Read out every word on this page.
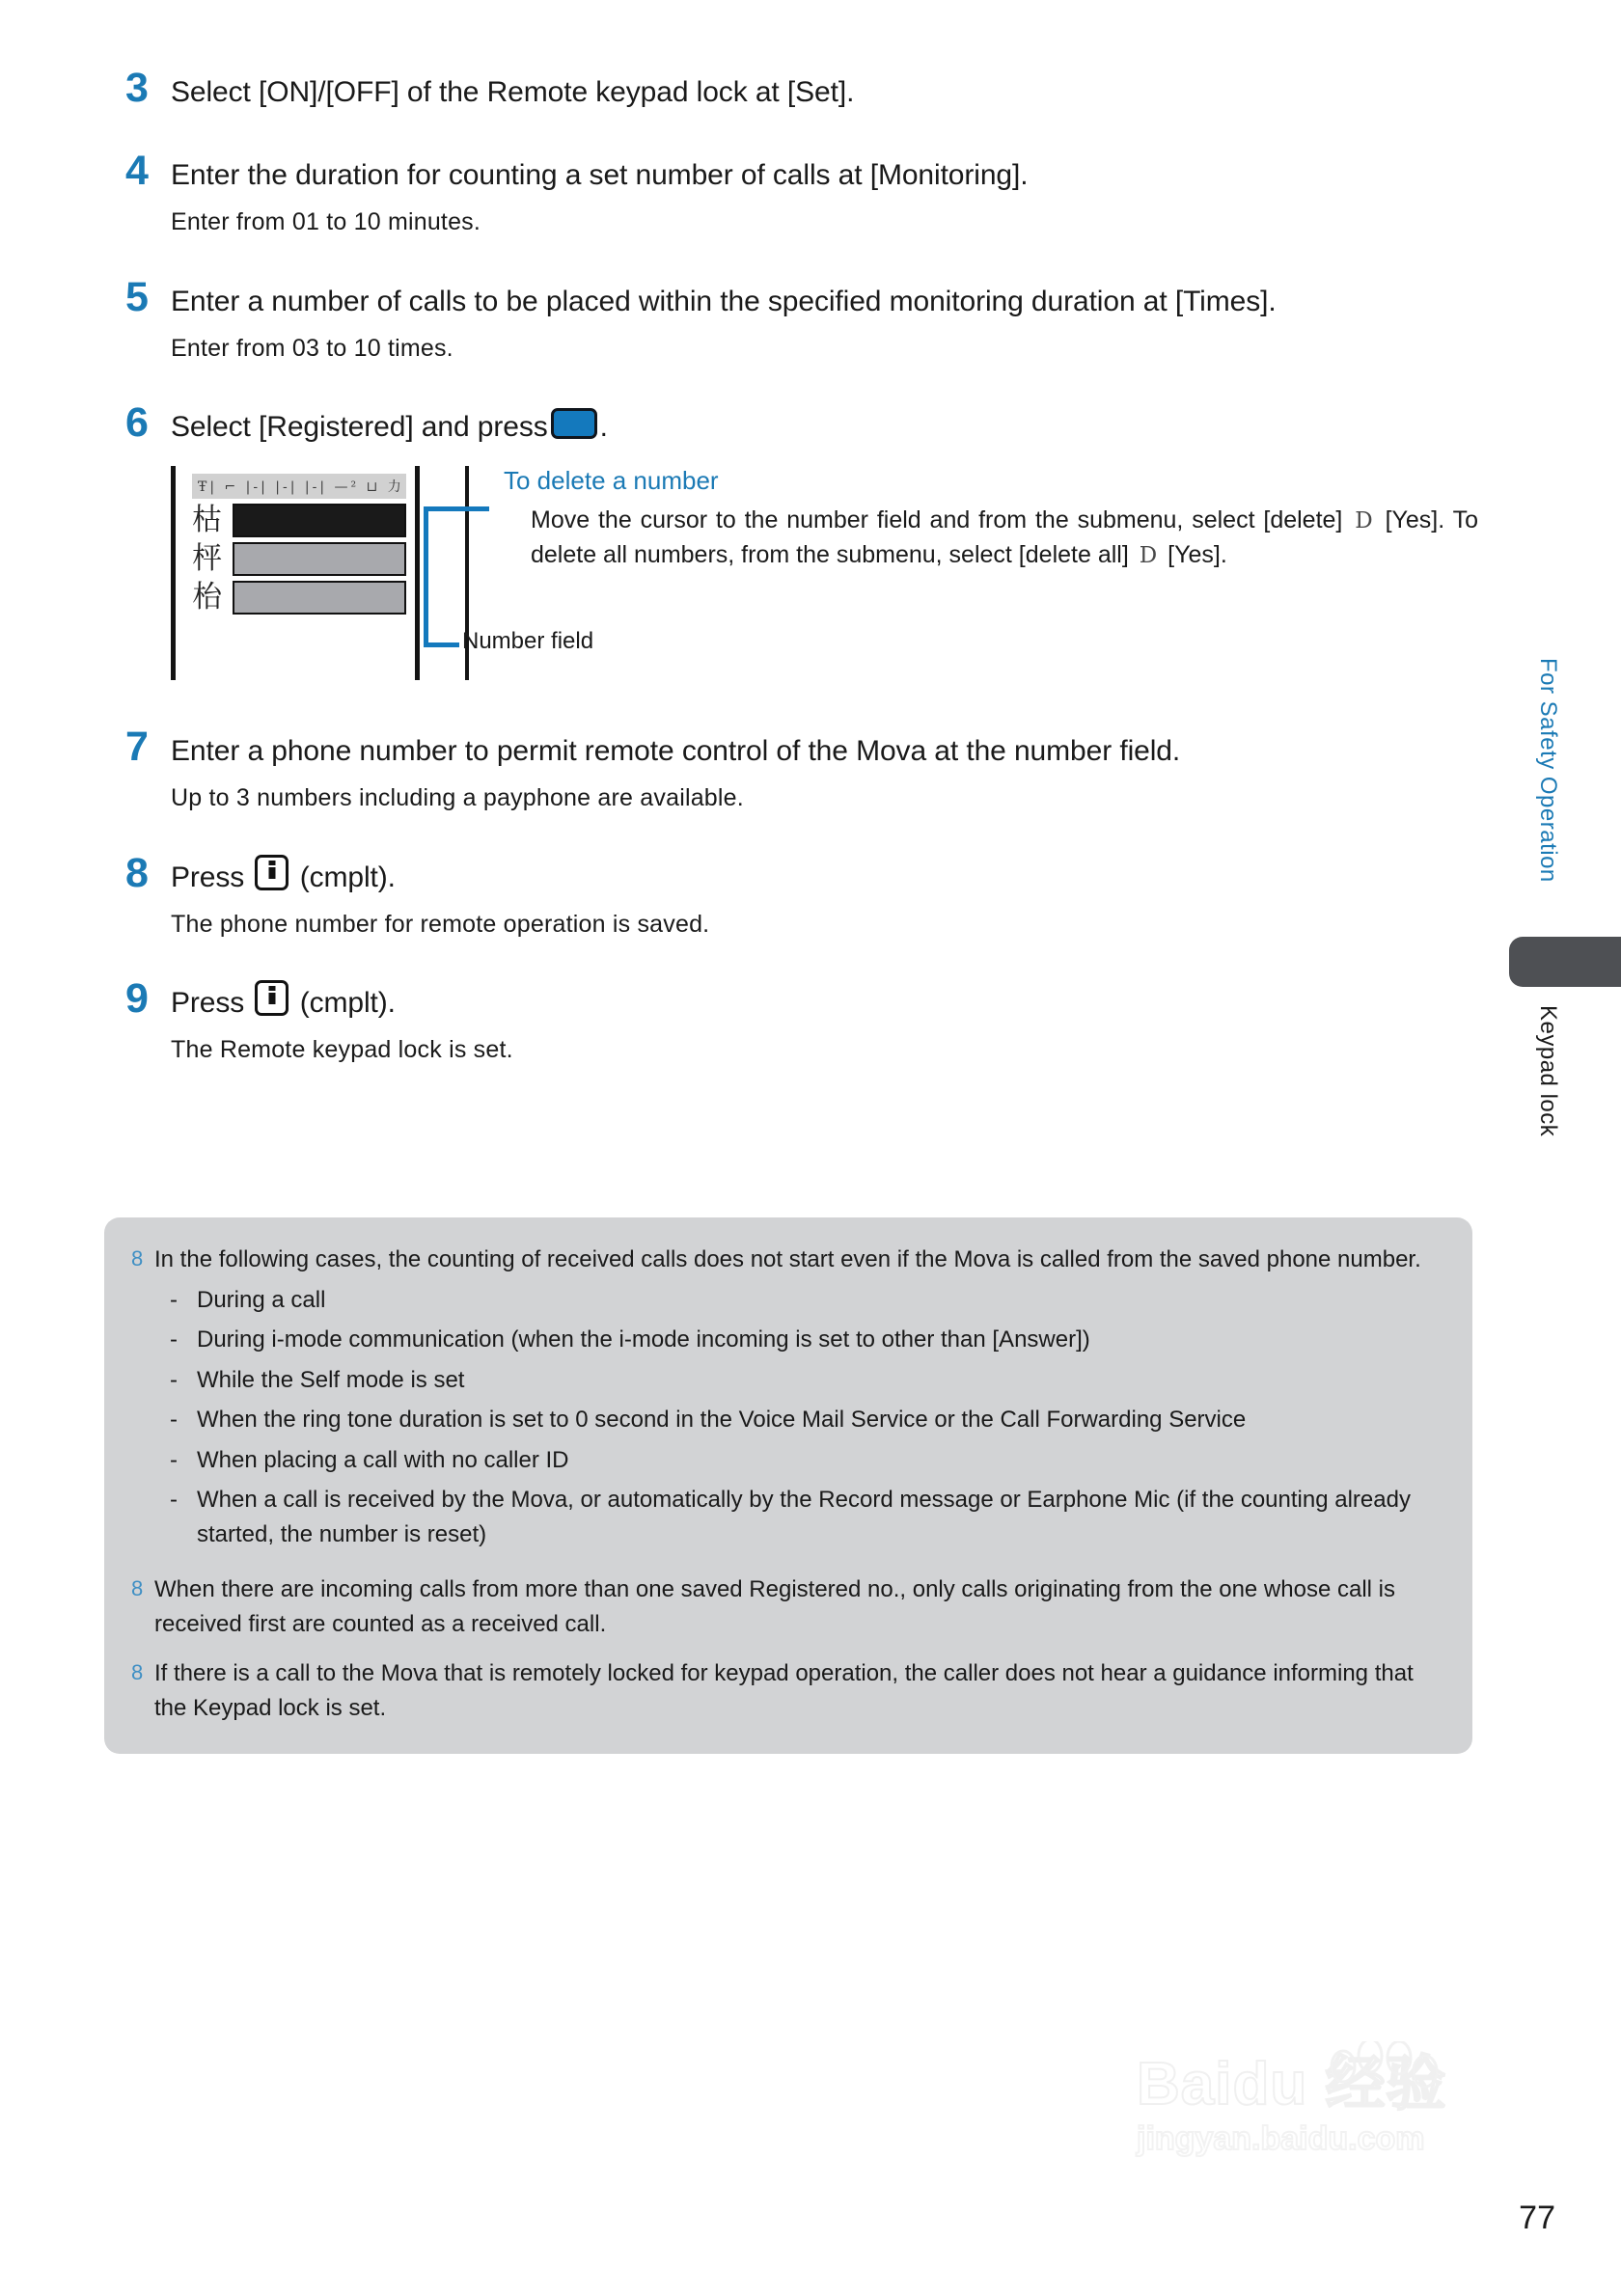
3 Select [ON]/[OFF] of the Remote keypad lock at [Set].
4 Enter the duration for counting a set number of calls at [Monitoring].
Enter from 01 to 10 minutes.
5 Enter a number of calls to be placed within the specified monitoring duration at [Times].
Enter from 03 to 10 times.
6 Select [Registered] and press .
Ŧ| ⌐ |-| |-| |-| —² ⊔ 力
枯
枰
枱
Number field
To delete a number
Move the cursor to the number field and from the submenu, select [delete] D [Yes]. To delete all numbers, from the submenu, select [delete all] D [Yes].
7 Enter a phone number to permit remote control of the Mova at the number field.
Up to 3 numbers including a payphone are available.
8 Press (cmplt).
The phone number for remote operation is saved.
9 Press (cmplt).
The Remote keypad lock is set.
8 In the following cases, the counting of received calls does not start even if the Mova is called from the saved phone number.
- During a call
- During i-mode communication (when the i-mode incoming is set to other than [Answer])
- While the Self mode is set
- When the ring tone duration is set to 0 second in the Voice Mail Service or the Call Forwarding Service
- When placing a call with no caller ID
- When a call is received by the Mova, or automatically by the Record message or Earphone Mic (if the counting already started, the number is reset)
8 When there are incoming calls from more than one saved Registered no., only calls originating from the one whose call is received first are counted as a received call.
8 If there is a call to the Mova that is remotely locked for keypad operation, the caller does not hear a guidance informing that the Keypad lock is set.
For Safety Operation
Keypad lock
Baidu 经验
jingyan.baidu.com
77
